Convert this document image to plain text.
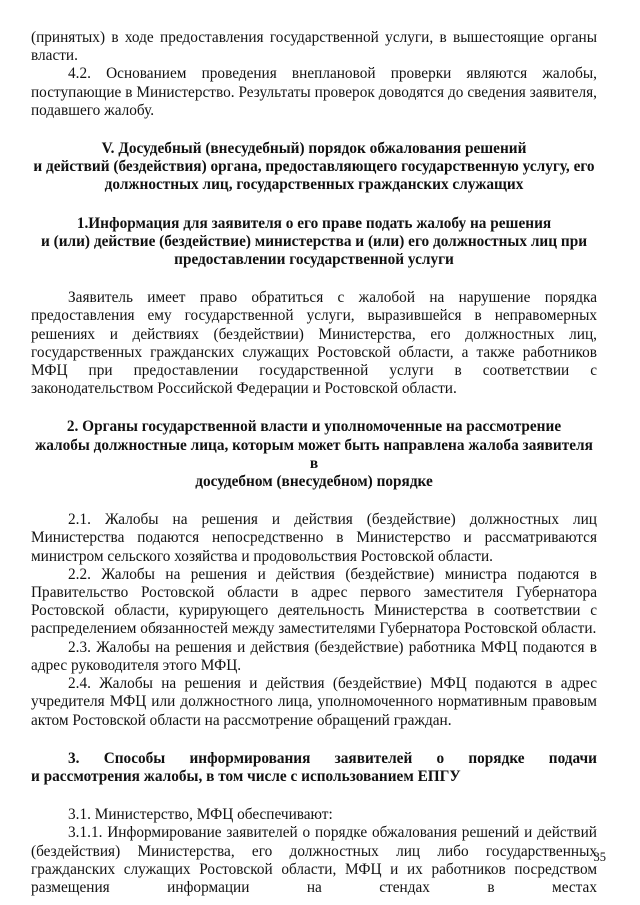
(принятых) в ходе предоставления государственной услуги, в вышестоящие органы власти.

4.2. Основанием проведения внеплановой проверки являются жалобы, поступающие в Министерство. Результаты проверок доводятся до сведения заявителя, подавшего жалобу.

V. Досудебный (внесудебный) порядок обжалования решений
и действий (бездействия) органа, предоставляющего государственную услугу, его
должностных лиц, государственных гражданских служащих
1.Информация для заявителя о его праве подать жалобу на решения
и (или) действие (бездействие) министерства и (или) его должностных лиц при
предоставлении государственной услуги

Заявитель имеет право обратиться с жалобой на нарушение порядка предоставления ему государственной услуги, выразившейся в неправомерных решениях и действиях (бездействии) Министерства, его должностных лиц, государственных гражданских служащих Ростовской области, а также работников МФЦ при предоставлении государственной услуги в соответствии с законодательством Российской Федерации и Ростовской области.

2. Органы государственной власти и уполномоченные на рассмотрение
жалобы должностные лица, которым может быть направлена жалоба заявителя в
досудебном (внесудебном) порядке

2.1. Жалобы на решения и действия (бездействие) должностных лиц Министерства подаются непосредственно в Министерство и рассматриваются министром сельского хозяйства и продовольствия Ростовской области.

2.2. Жалобы на решения и действия (бездействие) министра подаются в Правительство Ростовской области в адрес первого заместителя Губернатора Ростовской области, курирующего деятельность Министерства в соответствии с распределением обязанностей между заместителями Губернатора Ростовской области.

2.3. Жалобы на решения и действия (бездействие) работника МФЦ подаются в адрес руководителя этого МФЦ.

2.4. Жалобы на решения и действия (бездействие) МФЦ подаются в адрес учредителя МФЦ или должностного лица, уполномоченного нормативным правовым актом Ростовской области на рассмотрение обращений граждан.

3. Способы информирования заявителей о порядке подачи

и рассмотрения жалобы, в том числе с использованием ЕПГУ

3.1. Министерство, МФЦ обеспечивают:

3.1.1. Информирование заявителей о порядке обжалования решений и действий (бездействия) Министерства, его должностных лиц либо государственных гражданских служащих Ростовской области, МФЦ и их работников посредством размещения информации на стендах в местах

35
